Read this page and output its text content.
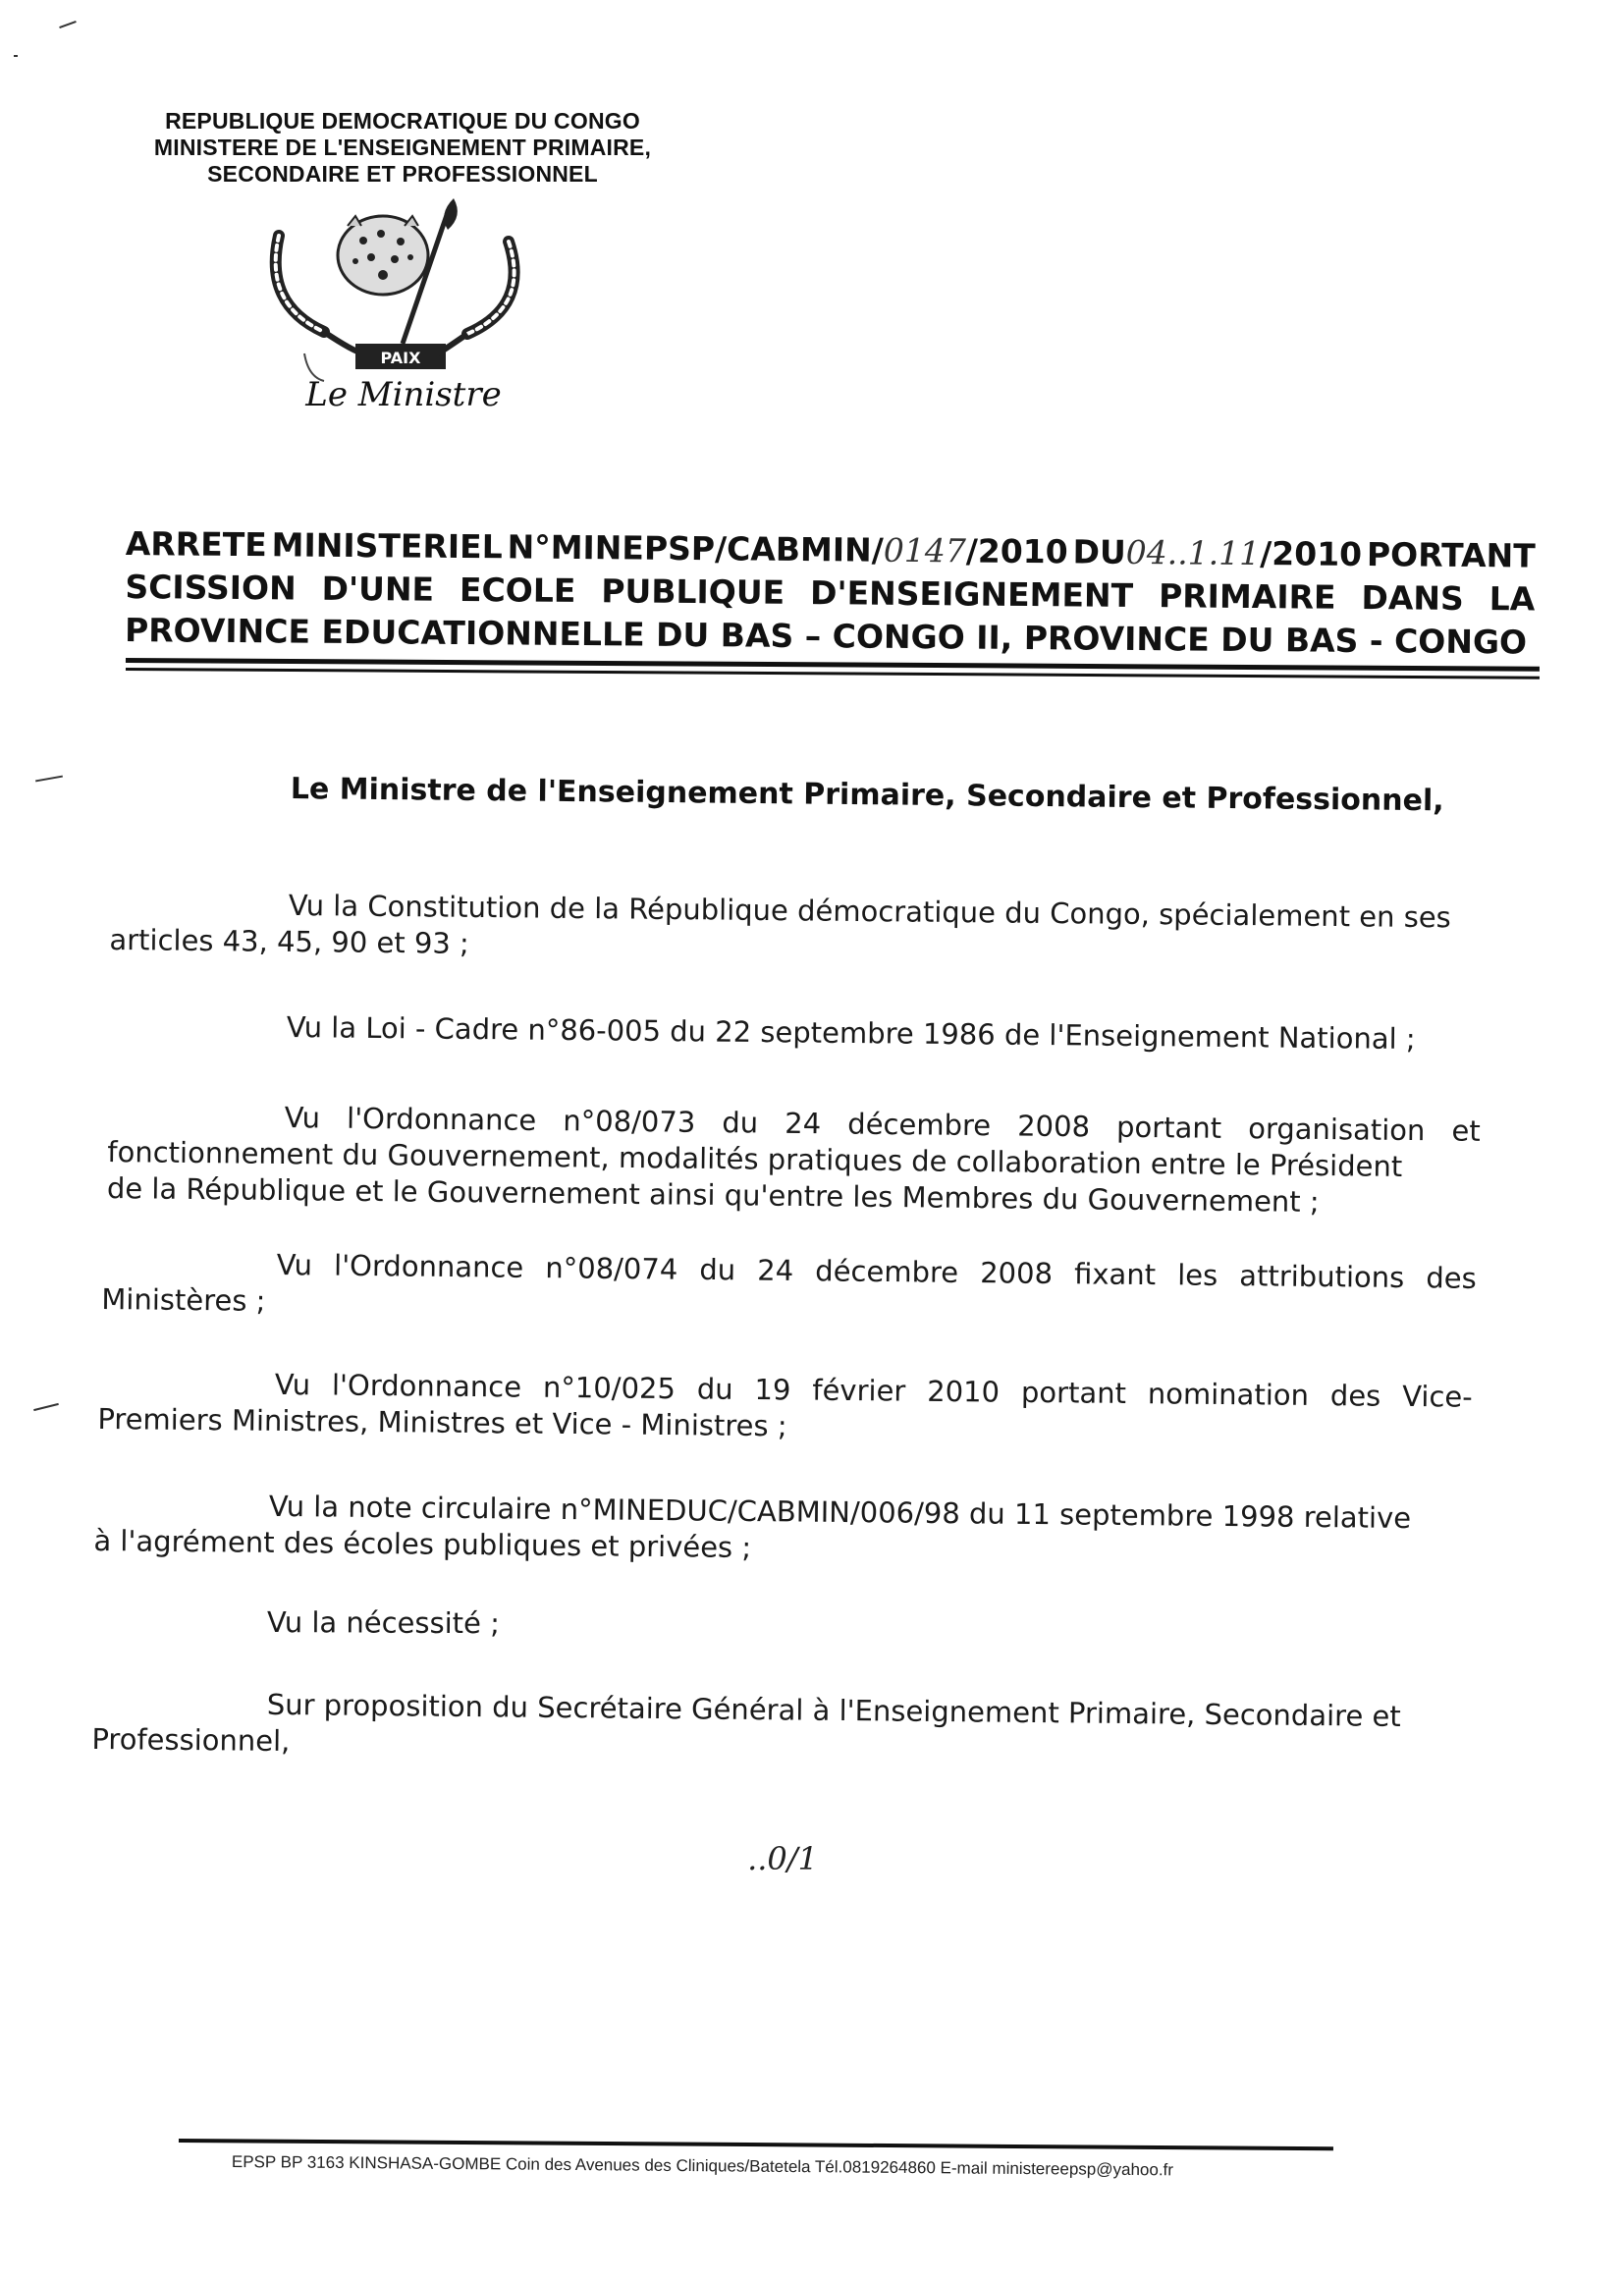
REPUBLIQUE DEMOCRATIQUE DU CONGO
MINISTERE DE L'ENSEIGNEMENT PRIMAIRE,
SECONDAIRE ET PROFESSIONNEL
PAIX
Le Ministre
ARRETE MINISTERIEL N°MINEPSP/CABMIN/0147/2010 DU04..1.11/2010 PORTANT
SCISSION D'UNE ECOLE PUBLIQUE D'ENSEIGNEMENT PRIMAIRE DANS LA
PROVINCE EDUCATIONNELLE DU BAS – CONGO II, PROVINCE DU BAS - CONGO
Le Ministre de l'Enseignement Primaire, Secondaire et Professionnel,
Vu la Constitution de la République démocratique du Congo, spécialement en ses
articles 43, 45, 90 et 93 ;
Vu la Loi - Cadre n°86-005 du 22 septembre 1986 de l'Enseignement National ;
Vu l'Ordonnance n°08/073 du 24 décembre 2008 portant organisation et
fonctionnement du Gouvernement, modalités pratiques de collaboration entre le Président
de la République et le Gouvernement ainsi qu'entre les Membres du Gouvernement ;
Vu l'Ordonnance n°08/074 du 24 décembre 2008 fixant les attributions des
Ministères ;
Vu l'Ordonnance n°10/025 du 19 février 2010 portant nomination des Vice-
Premiers Ministres, Ministres et Vice - Ministres ;
Vu la note circulaire n°MINEDUC/CABMIN/006/98 du 11 septembre 1998 relative
à l'agrément des écoles publiques et privées ;
Vu la nécessité ;
Sur proposition du Secrétaire Général à l'Enseignement Primaire, Secondaire et
Professionnel,
..0/1
EPSP BP 3163 KINSHASA-GOMBE Coin des Avenues des Cliniques/Batetela Tél.0819264860 E-mail ministereepsp@yahoo.fr
